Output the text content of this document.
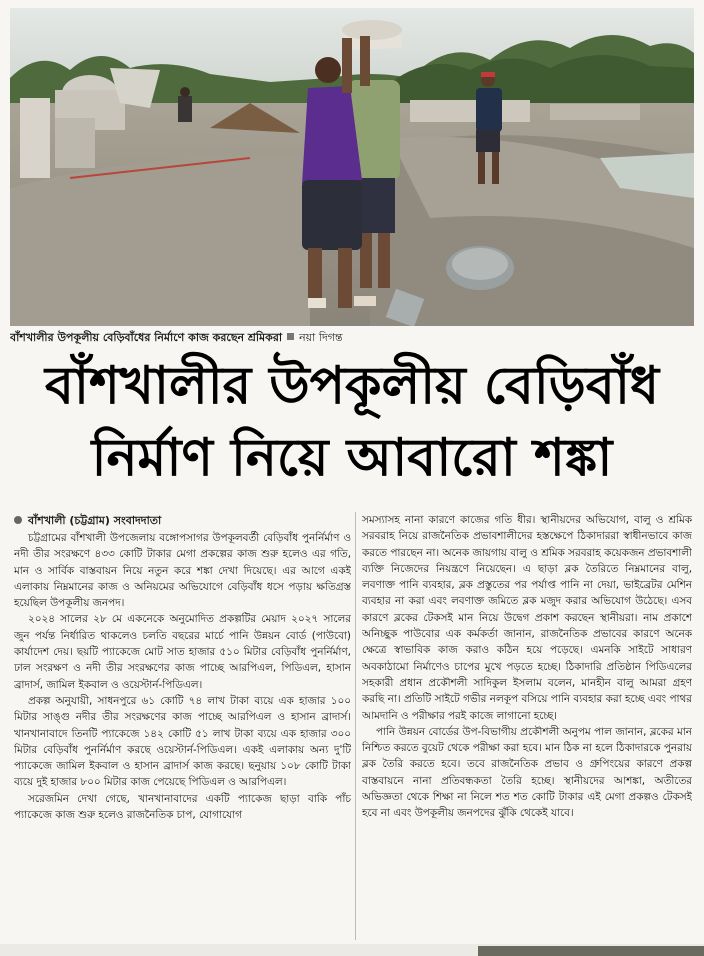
বাঁশখালীর উপকূলীয় বেড়িবাঁধের নির্মাণে কাজ করছেন শ্রমিকরা নয়া দিগন্ত
বাঁশখালীর উপকূলীয় বেড়িবাঁধ
নির্মাণ নিয়ে আবারো শঙ্কা
বাঁশখালী (চট্টগ্রাম) সংবাদদাতা

চট্টগ্রামের বাঁশখালী উপজেলায় বঙ্গোপসাগর উপকূলবর্তী বেড়িবাঁধ পুনর্নির্মাণ ও নদী তীর সংরক্ষণে ৪৩৩ কোটি টাকার মেগা প্রকল্পের কাজ শুরু হলেও এর গতি, মান ও সার্বিক বাস্তবায়ন নিয়ে নতুন করে শঙ্কা দেখা দিয়েছে। এর আগে একই এলাকায় নিম্নমানের কাজ ও অনিয়মের অভিযোগে বেড়িবাঁধ ধসে পড়ায় ক্ষতিগ্রস্ত হয়েছিল উপকূলীয় জনপদ।

২০২৪ সালের ২৮ মে একনেকে অনুমোদিত প্রকল্পটির মেয়াদ ২০২৭ সালের জুন পর্যন্ত নির্ধারিত থাকলেও চলতি বছরের মার্চে পানি উন্নয়ন বোর্ড (পাউবো) কার্যাদেশ দেয়। ছয়টি প্যাকেজে মোট সাত হাজার ৫১০ মিটার বেড়িবাঁধ পুনর্নির্মাণ, ঢাল সংরক্ষণ ও নদী তীর সংরক্ষণের কাজ পাচ্ছে আরপিএল, পিডিএল, হাসান ব্রাদার্স, জামিল ইকবাল ও ওয়েস্টার্ন-পিডিএল।

প্রকল্প অনুযায়ী, সাধনপুরে ৬১ কোটি ৭৪ লাখ টাকা ব্যয়ে এক হাজার ১০০ মিটার সাঙ্গু নদীর তীর সংরক্ষণের কাজ পাচ্ছে আরপিএল ও হাসান ব্রাদার্স। খানখানাবাদে তিনটি প্যাকেজে ১৪২ কোটি ৫১ লাখ টাকা ব্যয়ে এক হাজার ৩০০ মিটার বেড়িবাঁধ পুনর্নির্মাণ করছে ওয়েস্টার্ন-পিডিএল। একই এলাকায় অন্য দু'টি প্যাকেজে জামিল ইকবাল ও হাসান ব্রাদার্স কাজ করছে। ছনুয়ায় ১০৮ কোটি টাকা ব্যয়ে দুই হাজার ৮০০ মিটার কাজ পেয়েছে পিডিএল ও আরপিএল।

সরেজমিন দেখা গেছে, খানখানাবাদের একটি প্যাকেজ ছাড়া বাকি পাঁচ প্যাকেজে কাজ শুরু হলেও রাজনৈতিক চাপ, যোগাযোগ

সমস্যাসহ নানা কারণে কাজের গতি ধীর। স্থানীয়দের অভিযোগ, বালু ও শ্রমিক সরবরাহ নিয়ে রাজনৈতিক প্রভাবশালীদের হস্তক্ষেপে ঠিকাদাররা স্বাধীনভাবে কাজ করতে পারছেন না। অনেক জায়গায় বালু ও শ্রমিক সরবরাহ কয়েকজন প্রভাবশালী ব্যক্তি নিজেদের নিয়ন্ত্রণে নিয়েছেন। এ ছাড়া ব্লক তৈরিতে নিম্নমানের বালু, লবণাক্ত পানি ব্যবহার, ব্লক প্রস্তুতের পর পর্যাপ্ত পানি না দেয়া, ভাইব্রেটর মেশিন ব্যবহার না করা এবং লবণাক্ত জমিতে ব্লক মজুদ করার অভিযোগ উঠেছে। এসব কারণে ব্লকের টেকসই মান নিয়ে উদ্বেগ প্রকাশ করছেন স্থানীয়রা। নাম প্রকাশে অনিচ্ছুক পাউবোর এক কর্মকর্তা জানান, রাজনৈতিক প্রভাবের কারণে অনেক ক্ষেত্রে স্বাভাবিক কাজ করাও কঠিন হয়ে পড়েছে। এমনকি সাইটে সাধারণ অবকাঠামো নির্মাণেও চাপের মুখে পড়তে হচ্ছে। ঠিকাদারি প্রতিষ্ঠান পিডিএলের সহকারী প্রধান প্রকৌশলী সাদিকুল ইসলাম বলেন, মানহীন বালু আমরা গ্রহণ করছি না। প্রতিটি সাইটে গভীর নলকূপ বসিয়ে পানি ব্যবহার করা হচ্ছে এবং পাথর আমদানি ও পরীক্ষার পরই কাজে লাগানো হচ্ছে।

পানি উন্নয়ন বোর্ডের উপ-বিভাগীয় প্রকৌশলী অনুপম পাল জানান, ব্লকের মান নিশ্চিত করতে বুয়েট থেকে পরীক্ষা করা হবে। মান ঠিক না হলে ঠিকাদারকে পুনরায় ব্লক তৈরি করতে হবে। তবে রাজনৈতিক প্রভাব ও গ্রুপিংয়ের কারণে প্রকল্প বাস্তবায়নে নানা প্রতিবন্ধকতা তৈরি হচ্ছে। স্থানীয়দের আশঙ্কা, অতীতের অভিজ্ঞতা থেকে শিক্ষা না নিলে শত শত কোটি টাকার এই মেগা প্রকল্পও টেকসই হবে না এবং উপকূলীয় জনপদের ঝুঁকি থেকেই যাবে।
